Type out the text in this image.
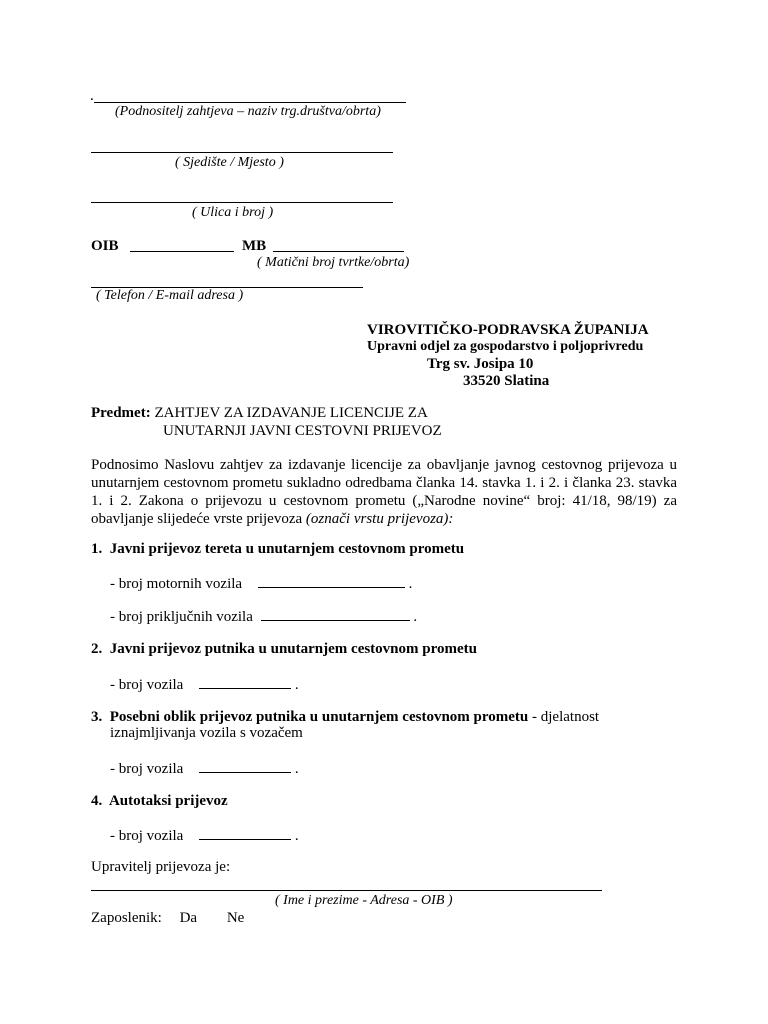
.
(Podnositelj zahtjeva – naziv trg.društva/obrta)
( Sjedište / Mjesto )
( Ulica i broj )
OIB	MB
( Matični broj tvrtke/obrta)
( Telefon / E-mail adresa )
VIROVITIČKO-PODRAVSKA ŽUPANIJA
Upravni odjel za gospodarstvo i poljoprivredu
Trg sv. Josipa 10
33520 Slatina
Predmet: ZAHTJEV ZA IZDAVANJE LICENCIJE ZA
UNUTARNJI JAVNI CESTOVNI PRIJEVOZ
Podnosimo Naslovu zahtjev za izdavanje licencije za obavljanje javnog cestovnog prijevoza u unutarnjem cestovnom prometu sukladno odredbama članka 14. stavka 1. i 2. i članka 23. stavka 1. i 2. Zakona o prijevozu u cestovnom prometu („Narodne novine“ broj: 41/18, 98/19) za obavljanje slijedeće vrste prijevoza (označi vrstu prijevoza):
1. Javni prijevoz tereta u unutarnjem cestovnom prometu
- broj motornih vozila	.
- broj priključnih vozila	.
2. Javni prijevoz putnika u unutarnjem cestovnom prometu
- broj vozila	.
3. Posebni oblik prijevoz putnika u unutarnjem cestovnom prometu - djelatnost
iznajmljivanja vozila s vozačem
- broj vozila	.
4. Autotaksi prijevoz
- broj vozila	.
Upravitelj prijevoza je:
( Ime i prezime - Adresa - OIB )
Zaposlenik: Da Ne
